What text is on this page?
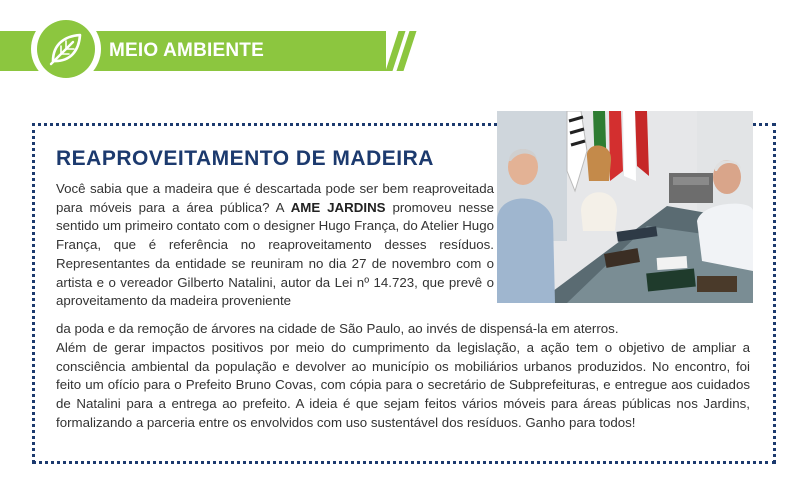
MEIO AMBIENTE
REAPROVEITAMENTO DE MADEIRA
Você sabia que a madeira que é descartada pode ser bem reaproveitada para móveis para a área pública? A AME JARDINS promoveu nesse sentido um primeiro contato com o designer Hugo França, do Atelier Hugo França, que é referência no reaproveitamento desses resíduos. Representantes da entidade se reuniram no dia 27 de novembro com o artista e o vereador Gilberto Natalini, autor da Lei nº 14.723, que prevê o aproveitamento da madeira proveniente
da poda e da remoção de árvores na cidade de São Paulo, ao invés de dispensá-la em aterros.
Além de gerar impactos positivos por meio do cumprimento da legislação, a ação tem o objetivo de ampliar a consciência ambiental da população e devolver ao município os mobiliários urbanos produzidos. No encontro, foi feito um ofício para o Prefeito Bruno Covas, com cópia para o secretário de Subprefeituras, e entregue aos cuidados de Natalini para a entrega ao prefeito. A ideia é que sejam feitos vários móveis para áreas públicas nos Jardins, formalizando a parceria entre os envolvidos com uso sustentável dos resíduos. Ganho para todos!
